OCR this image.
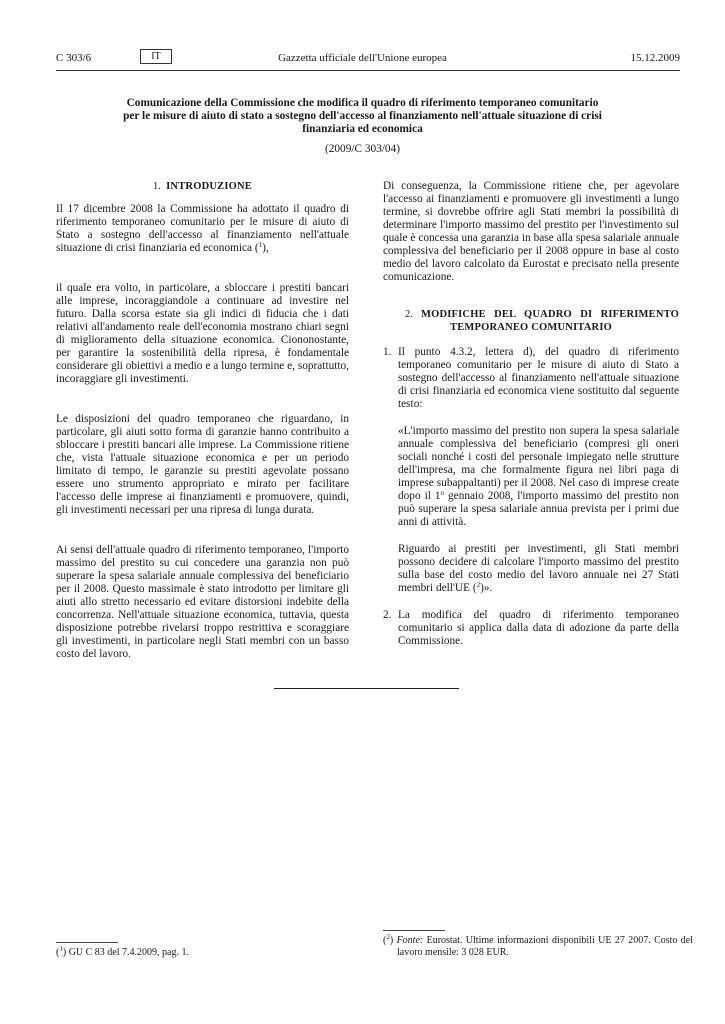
C 303/6	IT	Gazzetta ufficiale dell'Unione europea	15.12.2009
Comunicazione della Commissione che modifica il quadro di riferimento temporaneo comunitario
per le misure di aiuto di stato a sostegno dell'accesso al finanziamento nell'attuale situazione di crisi
finanziaria ed economica
(2009/C 303/04)

1. INTRODUZIONE

Il 17 dicembre 2008 la Commissione ha adottato il quadro di riferimento temporaneo comunitario per le misure di aiuto di Stato a sostegno dell'accesso al finanziamento nell'attuale situazione di crisi finanziaria ed economica ($^1$),

il quale era volto, in particolare, a sbloccare i prestiti bancari alle imprese, incoraggiandole a continuare ad investire nel futuro. Dalla scorsa estate sia gli indici di fiducia che i dati relativi all'andamento reale dell'economia mostrano chiari segni di miglioramento della situazione economica. Ciononostante, per garantire la sostenibilità della ripresa, è fondamentale considerare gli obiettivi a medio e a lungo termine e, soprattutto, incoraggiare gli investimenti.

Le disposizioni del quadro temporaneo che riguardano, in particolare, gli aiuti sotto forma di garanzie hanno contribuito a sbloccare i prestiti bancari alle imprese. La Commissione ritiene che, vista l'attuale situazione economica e per un periodo limitato di tempo, le garanzie su prestiti agevolate possano essere uno strumento appropriato e mirato per facilitare l'accesso delle imprese ai finanziamenti e promuovere, quindi, gli investimenti necessari per una ripresa di lunga durata.

Ai sensi dell'attuale quadro di riferimento temporaneo, l'importo massimo del prestito su cui concedere una garanzia non può superare la spesa salariale annuale complessiva del beneficiario per il 2008. Questo massimale è stato introdotto per limitare gli aiuti allo stretto necessario ed evitare distorsioni indebite della concorrenza. Nell'attuale situazione economica, tuttavia, questa disposizione potrebbe rivelarsi troppo restrittiva e scoraggiare gli investimenti, in particolare negli Stati membri con un basso costo del lavoro.

Di conseguenza, la Commissione ritiene che, per agevolare l'accesso ai finanziamenti e promuovere gli investimenti a lungo termine, si dovrebbe offrire agli Stati membri la possibilità di determinare l'importo massimo del prestito per l'investimento sul quale è concessa una garanzia in base alla spesa salariale annuale complessiva del beneficiario per il 2008 oppure in base al costo medio del lavoro calcolato da Eurostat e precisato nella presente comunicazione.

2. MODIFICHE DEL QUADRO DI RIFERIMENTO
TEMPORANEO COMUNITARIO
1. Il punto 4.3.2, lettera d), del quadro di riferimento temporaneo comunitario per le misure di aiuto di Stato a sostegno dell'accesso al finanziamento nell'attuale situazione di crisi finanziaria ed economica viene sostituito dal seguente testo:

«L'importo massimo del prestito non supera la spesa salariale annuale complessiva del beneficiario (compresi gli oneri sociali nonché i costi del personale impiegato nelle strutture dell'impresa, ma che formalmente figura nei libri paga di imprese subappaltanti) per il 2008. Nel caso di imprese create dopo il 1$^o$ gennaio 2008, l'importo massimo del prestito non può superare la spesa salariale annua prevista per i primi due anni di attività.

Riguardo ai prestiti per investimenti, gli Stati membri possono decidere di calcolare l'importo massimo del prestito sulla base del costo medio del lavoro annuale nei 27 Stati membri dell'UE ($^2$)».

2. La modifica del quadro di riferimento temporaneo comunitario si applica dalla data di adozione da parte della Commissione.

($^1$) GU C 83 del 7.4.2009, pag. 1.
($^2$) Fonte: Eurostat. Ultime informazioni disponibili UE 27 2007. Costo del lavoro mensile: 3 028 EUR.
